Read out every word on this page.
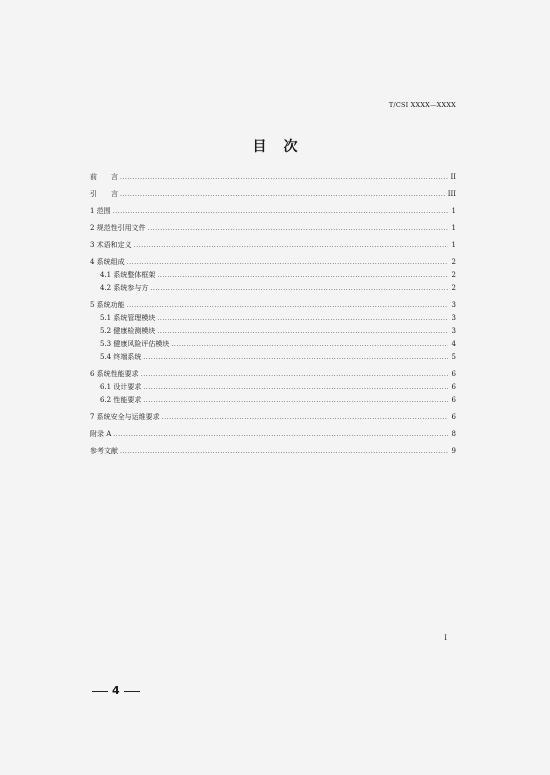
T/CSI XXXX—XXXX
目 次
前 言 .....	II
引 言 .....	III
1 范围 .....	1
2 规范性引用文件 .....	1
3 术语和定义 .....	1
4 系统组成 .....	2
4.1 系统整体框架 .....	2
4.2 系统参与方 .....	2
5 系统功能 .....	3
5.1 系统管理模块 .....	3
5.2 健康检测模块 .....	3
5.3 健康风险评估模块 .....	4
5.4 终端系统 .....	5
6 系统性能要求 .....	6
6.1 设计要求 .....	6
6.2 性能要求 .....	6
7 系统安全与运维要求 .....	6
附录 A .....	8
参考文献 .....	9
I
4
